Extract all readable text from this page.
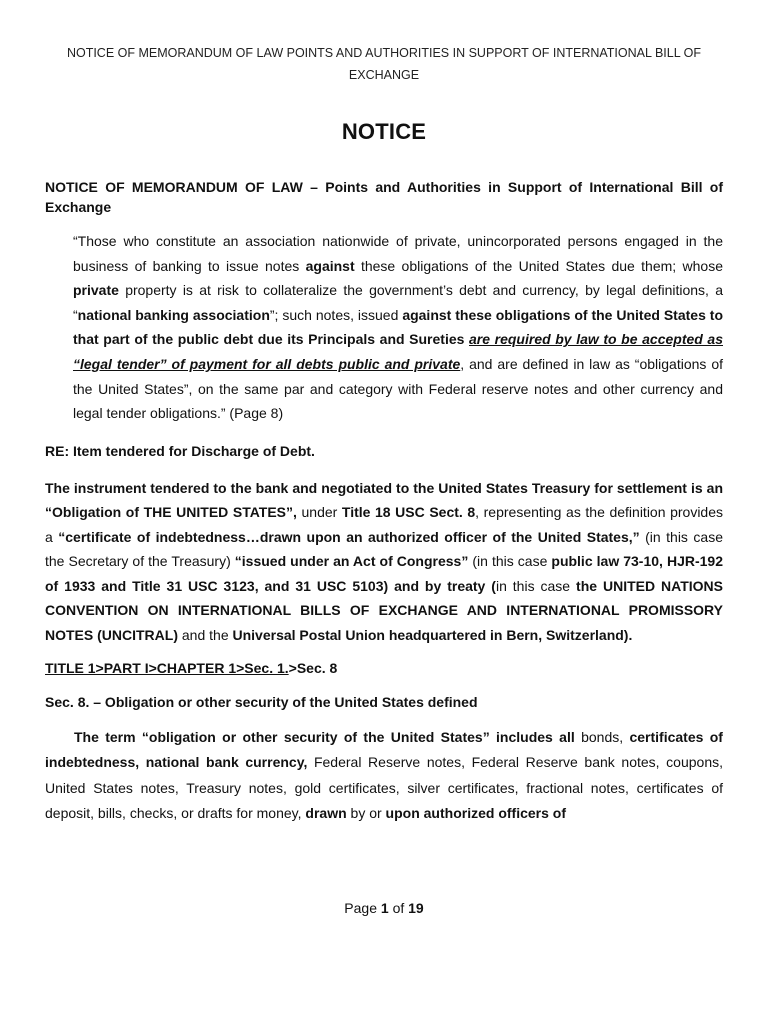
NOTICE OF MEMORANDUM OF LAW POINTS AND AUTHORITIES IN SUPPORT OF INTERNATIONAL BILL OF EXCHANGE
NOTICE

NOTICE OF MEMORANDUM OF LAW – Points and Authorities in Support of International Bill of Exchange

“Those who constitute an association nationwide of private, unincorporated persons engaged in the business of banking to issue notes against these obligations of the United States due them; whose private property is at risk to collateralize the government’s debt and currency, by legal definitions, a “national banking association”; such notes, issued against these obligations of the United States to that part of the public debt due its Principals and Sureties are required by law to be accepted as “legal tender” of payment for all debts public and private, and are defined in law as “obligations of the United States”, on the same par and category with Federal reserve notes and other currency and legal tender obligations.” (Page 8)

RE: Item tendered for Discharge of Debt.

The instrument tendered to the bank and negotiated to the United States Treasury for settlement is an “Obligation of THE UNITED STATES”, under Title 18 USC Sect. 8, representing as the definition provides a “certificate of indebtedness…drawn upon an authorized officer of the United States,” (in this case the Secretary of the Treasury) “issued under an Act of Congress” (in this case public law 73-10, HJR-192 of 1933 and Title 31 USC 3123, and 31 USC 5103) and by treaty (in this case the UNITED NATIONS CONVENTION ON INTERNATIONAL BILLS OF EXCHANGE AND INTERNATIONAL PROMISSORY NOTES (UNCITRAL) and the Universal Postal Union headquartered in Bern, Switzerland).

TITLE 1>PART I>CHAPTER 1>Sec. 1.>Sec. 8

Sec. 8. – Obligation or other security of the United States defined

The term “obligation or other security of the United States” includes all bonds, certificates of indebtedness, national bank currency, Federal Reserve notes, Federal Reserve bank notes, coupons, United States notes, Treasury notes, gold certificates, silver certificates, fractional notes, certificates of deposit, bills, checks, or drafts for money, drawn by or upon authorized officers of

Page 1 of 19
